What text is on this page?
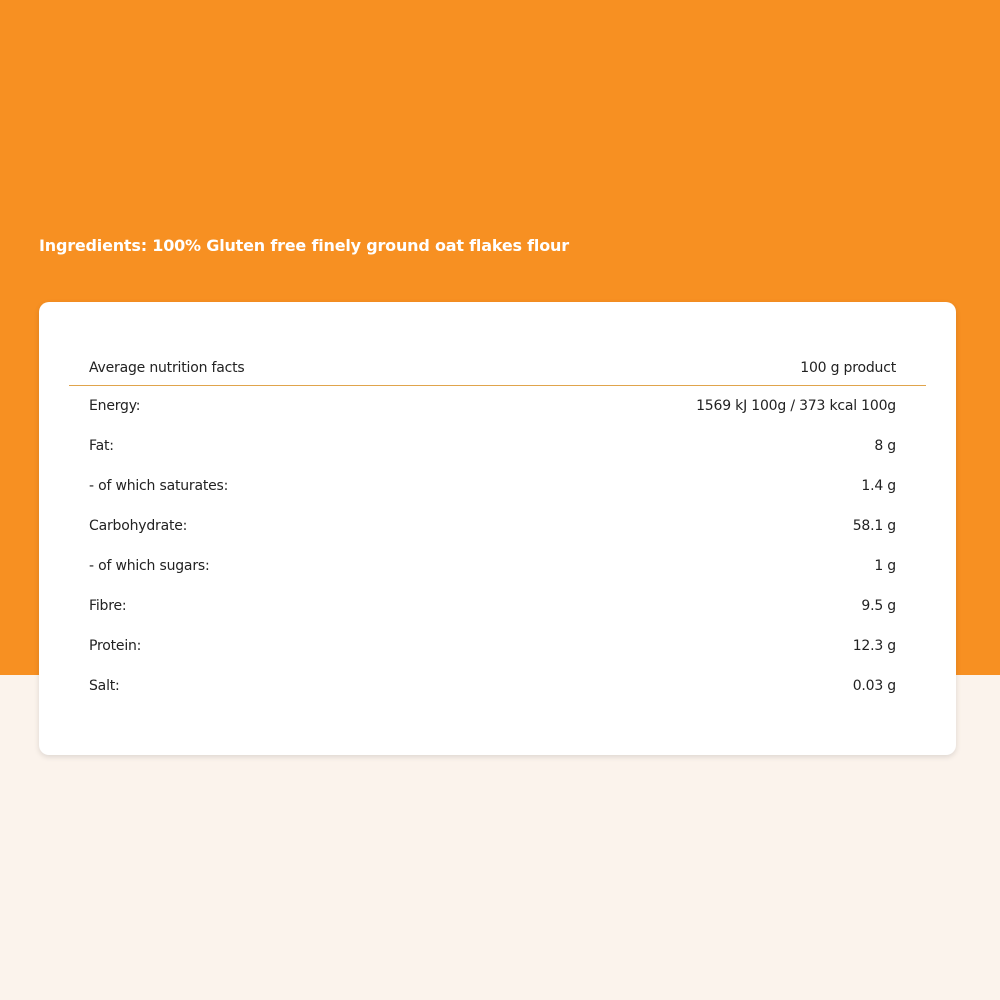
Ingredients: 100% Gluten free finely ground oat flakes flour
Average nutrition facts	100 g product
Energy:	1569 kJ 100g / 373 kcal 100g
Fat:	8 g
- of which saturates:	1.4 g
Carbohydrate:	58.1 g
- of which sugars:	1 g
Fibre:	9.5 g
Protein:	12.3 g
Salt:	0.03 g
